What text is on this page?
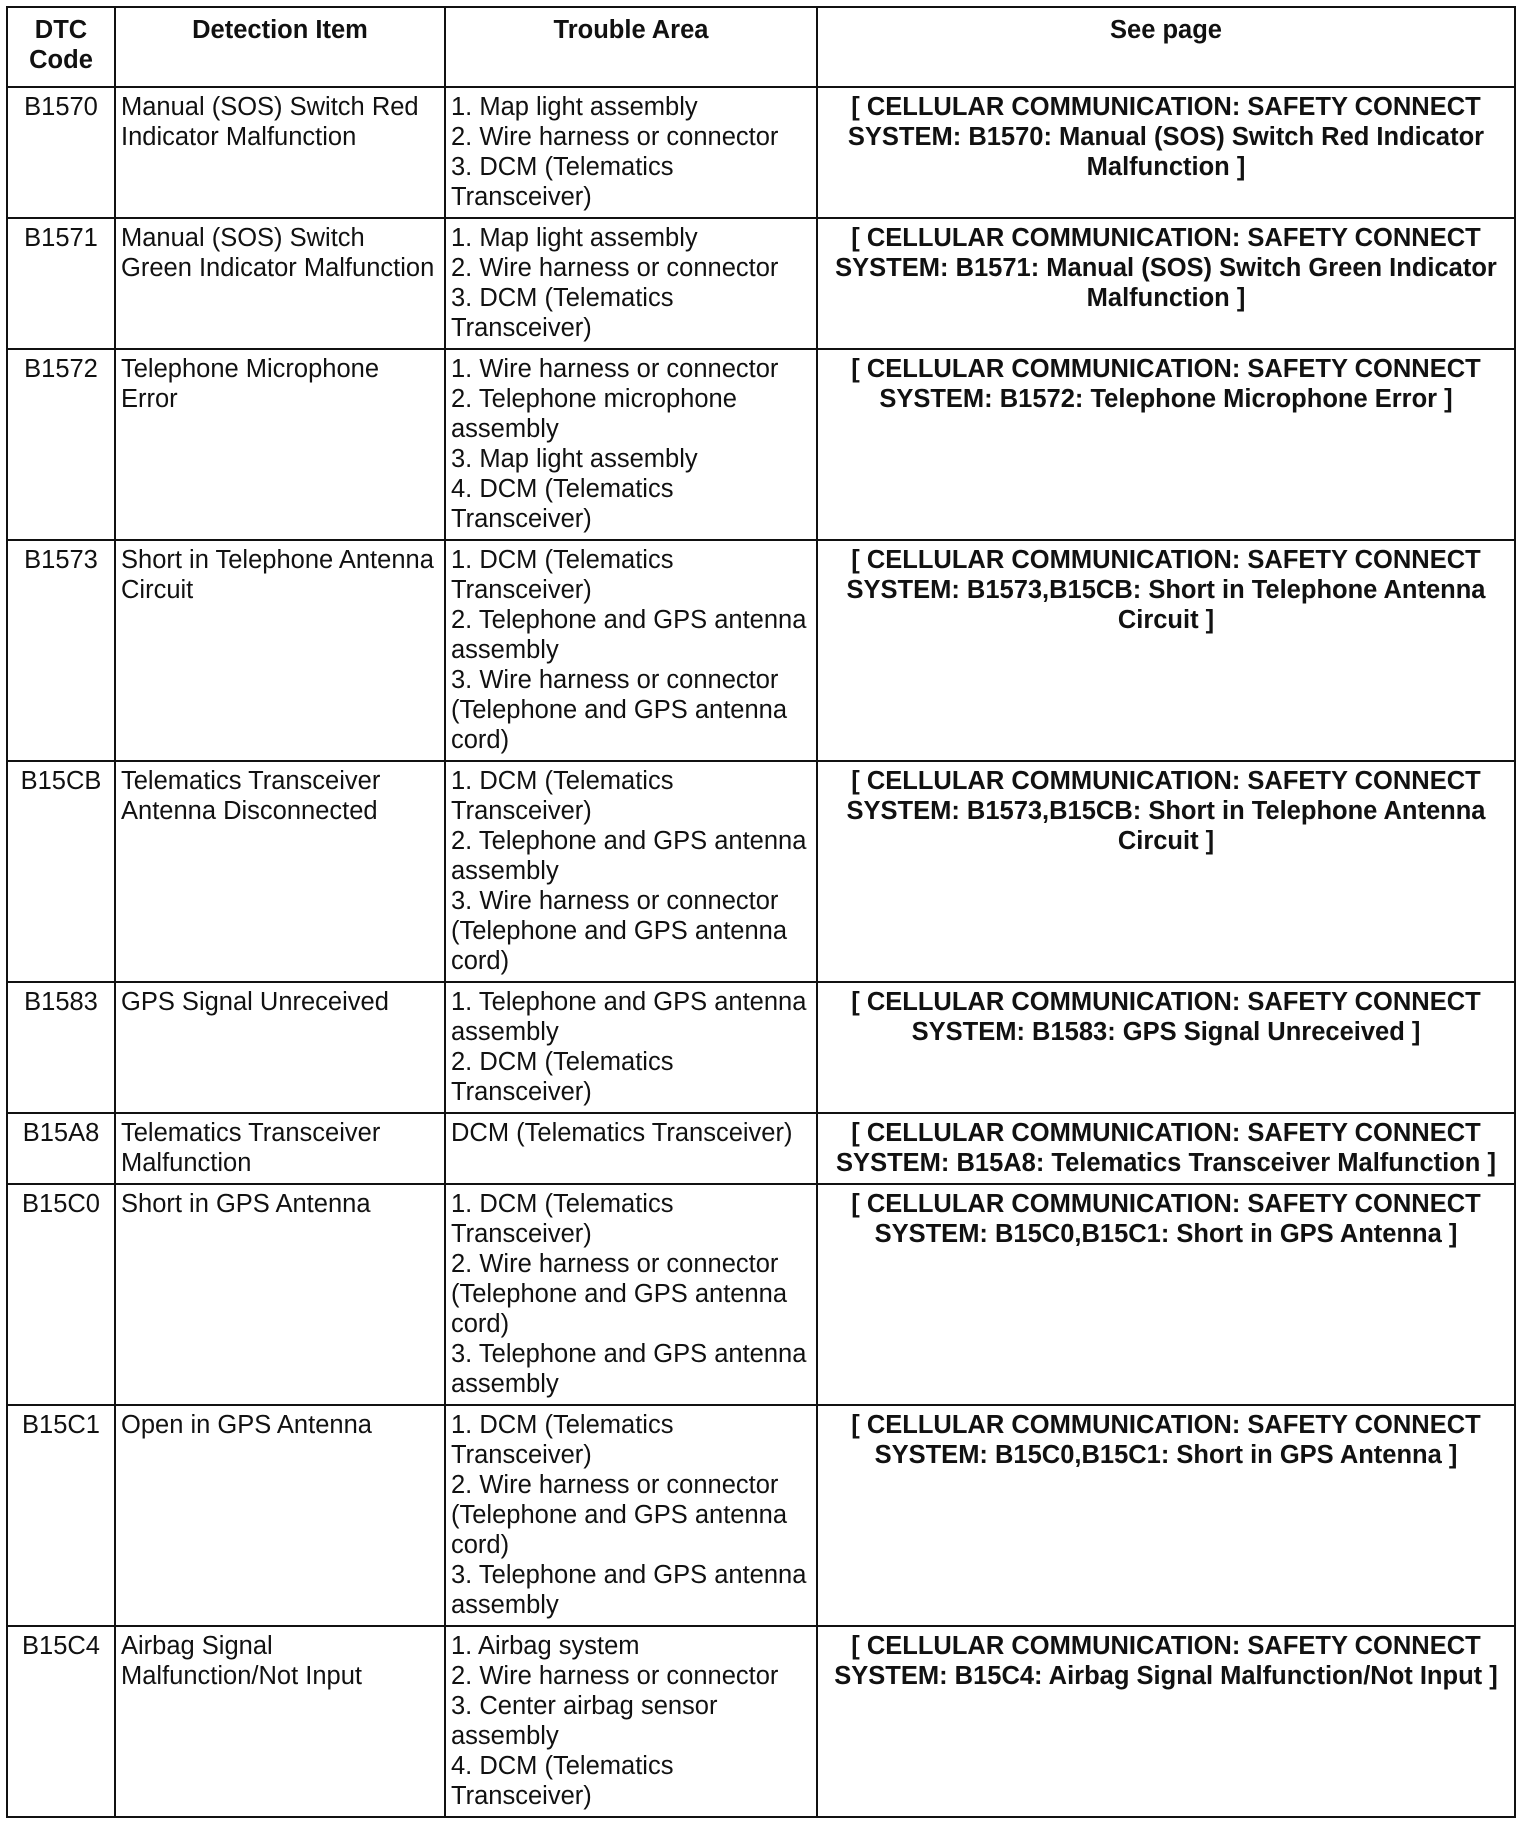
DTC Code	Detection Item	Trouble Area	See page
B1570	Manual (SOS) Switch Red Indicator Malfunction	1. Map light assembly
2. Wire harness or connector
3. DCM (Telematics Transceiver)	[ CELLULAR COMMUNICATION: SAFETY CONNECT SYSTEM: B1570: Manual (SOS) Switch Red Indicator Malfunction ]
B1571	Manual (SOS) Switch Green Indicator Malfunction	1. Map light assembly
2. Wire harness or connector
3. DCM (Telematics Transceiver)	[ CELLULAR COMMUNICATION: SAFETY CONNECT SYSTEM: B1571: Manual (SOS) Switch Green Indicator Malfunction ]
B1572	Telephone Microphone Error	1. Wire harness or connector
2. Telephone microphone assembly
3. Map light assembly
4. DCM (Telematics Transceiver)	[ CELLULAR COMMUNICATION: SAFETY CONNECT SYSTEM: B1572: Telephone Microphone Error ]
B1573	Short in Telephone Antenna Circuit	1. DCM (Telematics Transceiver)
2. Telephone and GPS antenna assembly
3. Wire harness or connector (Telephone and GPS antenna cord)	[ CELLULAR COMMUNICATION: SAFETY CONNECT SYSTEM: B1573,B15CB: Short in Telephone Antenna Circuit ]
B15CB	Telematics Transceiver Antenna Disconnected	1. DCM (Telematics Transceiver)
2. Telephone and GPS antenna assembly
3. Wire harness or connector (Telephone and GPS antenna cord)	[ CELLULAR COMMUNICATION: SAFETY CONNECT SYSTEM: B1573,B15CB: Short in Telephone Antenna Circuit ]
B1583	GPS Signal Unreceived	1. Telephone and GPS antenna assembly
2. DCM (Telematics Transceiver)	[ CELLULAR COMMUNICATION: SAFETY CONNECT SYSTEM: B1583: GPS Signal Unreceived ]
B15A8	Telematics Transceiver Malfunction	DCM (Telematics Transceiver)	[ CELLULAR COMMUNICATION: SAFETY CONNECT SYSTEM: B15A8: Telematics Transceiver Malfunction ]
B15C0	Short in GPS Antenna	1. DCM (Telematics Transceiver)
2. Wire harness or connector (Telephone and GPS antenna cord)
3. Telephone and GPS antenna assembly	[ CELLULAR COMMUNICATION: SAFETY CONNECT SYSTEM: B15C0,B15C1: Short in GPS Antenna ]
B15C1	Open in GPS Antenna	1. DCM (Telematics Transceiver)
2. Wire harness or connector (Telephone and GPS antenna cord)
3. Telephone and GPS antenna assembly	[ CELLULAR COMMUNICATION: SAFETY CONNECT SYSTEM: B15C0,B15C1: Short in GPS Antenna ]
B15C4	Airbag Signal Malfunction/Not Input	1. Airbag system
2. Wire harness or connector
3. Center airbag sensor assembly
4. DCM (Telematics Transceiver)	[ CELLULAR COMMUNICATION: SAFETY CONNECT SYSTEM: B15C4: Airbag Signal Malfunction/Not Input ]
